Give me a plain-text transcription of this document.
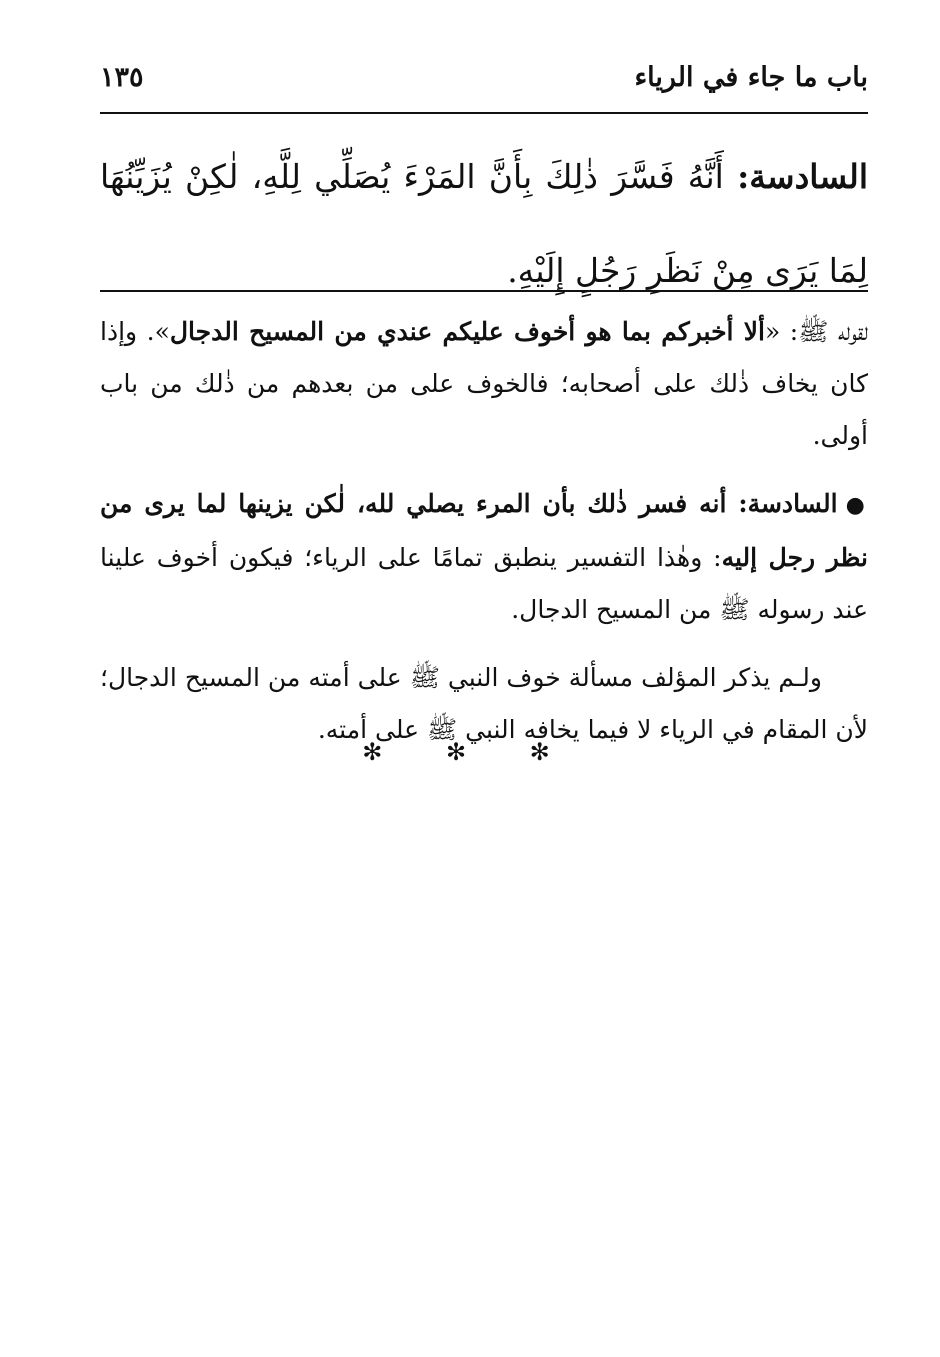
باب ما جاء في الرياء
١٣٥
السادسة: أَنَّهُ فَسَّرَ ذٰلِكَ بِأَنَّ المَرْءَ يُصَلِّي لِلَّهِ، لٰكِنْ يُزَيِّنُهَا لِمَا يَرَى مِنْ نَظَرِ رَجُلٍ إِلَيْهِ.

لقوله ﷺ: «ألا أخبركم بما هو أخوف عليكم عندي من المسيح الدجال». وإذا كان يخاف ذٰلك على أصحابه؛ فالخوف على من بعدهم من ذٰلك من باب أولى.

●السادسة: أنه فسر ذٰلك بأن المرء يصلي لله، لٰكن يزينها لما يرى من نظر رجل إليه: وهٰذا التفسير ينطبق تمامًا على الرياء؛ فيكون أخوف علينا عند رسوله ﷺ من المسيح الدجال.

ولـم يذكر المؤلف مسألة خوف النبي ﷺ على أمته من المسيح الدجال؛ لأن المقام في الرياء لا فيما يخافه النبي ﷺ على أمته.

✻ ✻ ✻
